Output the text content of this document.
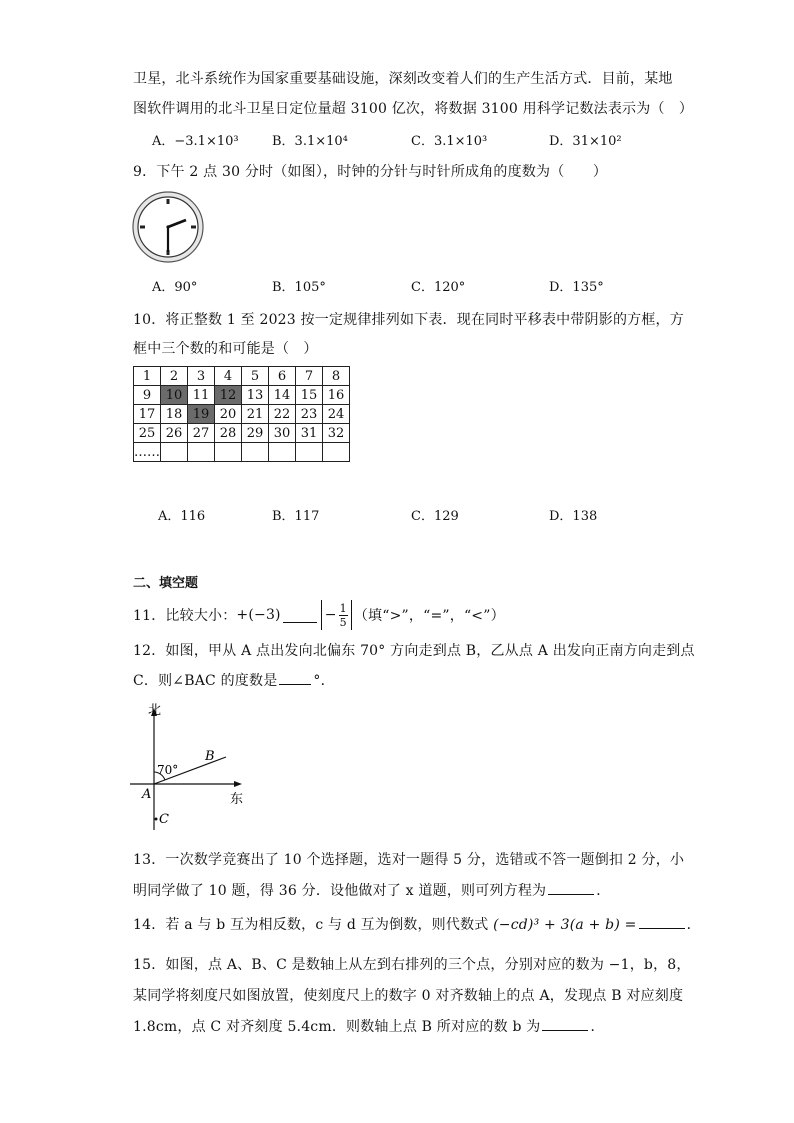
卫星，北斗系统作为国家重要基础设施，深刻改变着人们的生产生活方式．目前，某地
图软件调用的北斗卫星日定位量超 3100 亿次，将数据 3100 用科学记数法表示为（　）
A．−3.1×10³	B．3.1×10⁴	C．3.1×10³	D．31×10²
9．下午 2 点 30 分时（如图），时钟的分针与时针所成角的度数为（　　）
A．90°	B．105°	C．120°	D．135°
10．将正整数 1 至 2023 按一定规律排列如下表．现在同时平移表中带阴影的方框，方
框中三个数的和可能是（　）
1	2	3	4	5	6	7	8
9	10	11	12	13	14	15	16
17	18	19	20	21	22	23	24
25	26	27	28	29	30	31	32
……							
A．116	B．117	C．129	D．138
二、填空题
11．比较大小： +(−3)	− $\frac{1}{5}$ （填“>”，“=”，“<”）
12．如图，甲从 A 点出发向北偏东 70° 方向走到点 B，乙从点 A 出发向正南方向走到点
C．则∠BAC 的度数是	°．
北
东
70°
A
B
C
13．一次数学竞赛出了 10 个选择题，选对一题得 5 分，选错或不答一题倒扣 2 分，小
明同学做了 10 题，得 36 分．设他做对了 x 道题，则可列方程为	．
14．若 a 与 b 互为相反数，c 与 d 互为倒数，则代数式 (−cd)³ + 3(a + b) =	．
15．如图，点 A、B、C 是数轴上从左到右排列的三个点，分别对应的数为 −1，b，8，
某同学将刻度尺如图放置，使刻度尺上的数字 0 对齐数轴上的点 A，发现点 B 对应刻度
1.8cm，点 C 对齐刻度 5.4cm．则数轴上点 B 所对应的数 b 为	．
